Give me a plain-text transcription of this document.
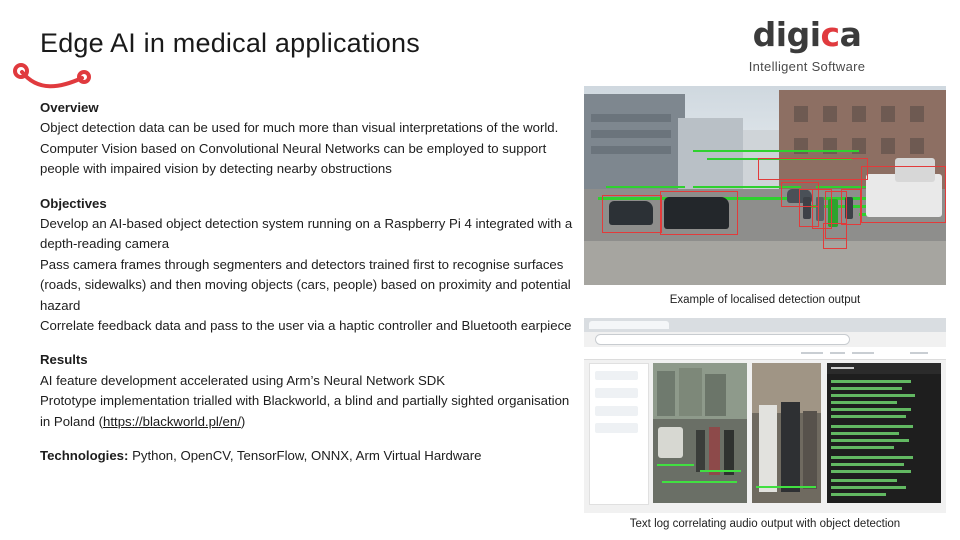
Edge AI in medical applications	digica
Intelligent Software
Overview

Object detection data can be used for much more than visual interpretations of the world. Computer Vision based on Convolutional Neural Networks can be employed to support people with impaired vision by detecting nearby obstructions

Objectives

Develop an AI-based object detection system running on a Raspberry Pi 4 integrated with a depth-reading camera

Pass camera frames through segmenters and detectors trained first to recognise surfaces (roads, sidewalks) and then moving objects (cars, people) based on proximity and potential hazard

Correlate feedback data and pass to the user via a haptic controller and Bluetooth earpiece

Results

AI feature development accelerated using Arm’s Neural Network SDK

Prototype implementation trialled with Blackworld, a blind and partially sighted organisation in Poland (https://blackworld.pl/en/)

Technologies: Python, OpenCV, TensorFlow, ONNX, Arm Virtual Hardware

Example of localised detection output
Text log correlating audio output with object detection
